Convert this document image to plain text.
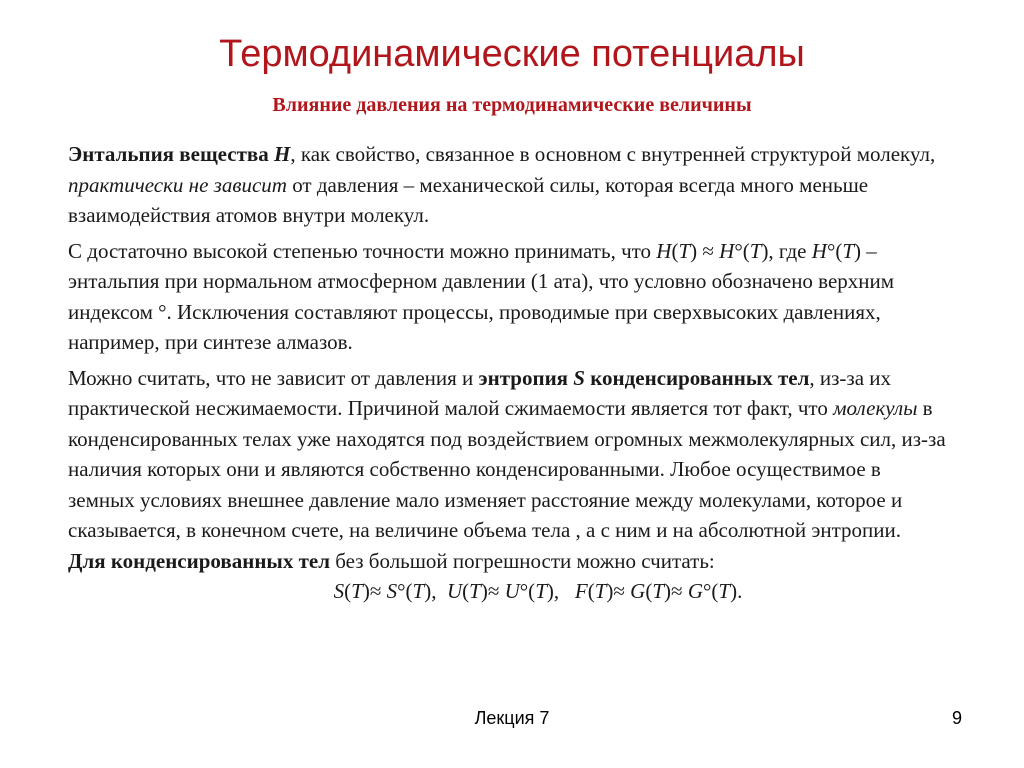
Термодинамические потенциалы
Влияние давления на термодинамические величины

Энтальпия вещества H, как свойство, связанное в основном с внутренней структурой молекул, практически не зависит от давления – механической силы, которая всегда много меньше взаимодействия атомов внутри молекул.

С достаточно высокой степенью точности можно принимать, что H(T) ≈ H°(T), где H°(T) – энтальпия при нормальном атмосферном давлении (1 ата), что условно обозначено верхним индексом °. Исключения составляют процессы, проводимые при сверхвысоких давлениях, например, при синтезе алмазов.

Можно считать, что не зависит от давления и энтропия S конденсированных тел, из-за их практической несжимаемости. Причиной малой сжимаемости является тот факт, что молекулы в конденсированных телах уже находятся под воздействием огромных межмолекулярных сил, из-за наличия которых они и являются собственно конденсированными. Любое осуществимое в земных условиях внешнее давление мало изменяет расстояние между молекулами, которое и сказывается, в конечном счете, на величине объема тела , а с ним и на абсолютной энтропии.

Для конденсированных тел без большой погрешности можно считать:

S(T)≈ S°(T),  U(T)≈ U°(T),   F(T)≈ G(T)≈ G°(T).

Лекция 7	9
